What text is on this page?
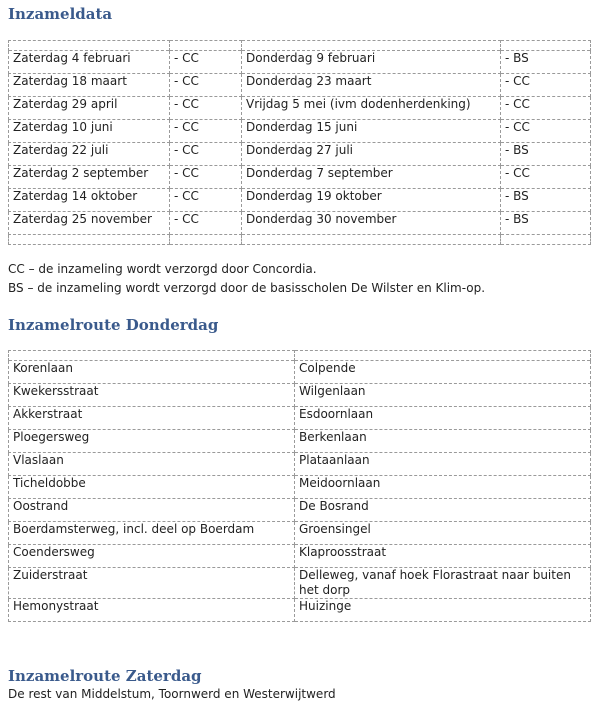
Inzameldata

Zaterdag 4 februari	- CC	Donderdag 9 februari	- BS
Zaterdag 18 maart	- CC	Donderdag 23 maart	- CC
Zaterdag 29 april	- CC	Vrijdag 5 mei (ivm dodenherdenking)	- CC
Zaterdag 10 juni	- CC	Donderdag 15 juni	- CC
Zaterdag 22 juli	- CC	Donderdag 27 juli	- BS
Zaterdag 2 september	- CC	Donderdag 7 september	- CC
Zaterdag 14 oktober	- CC	Donderdag 19 oktober	- BS
Zaterdag 25 november	- CC	Donderdag 30 november	- BS

CC – de inzameling wordt verzorgd door Concordia.

BS – de inzameling wordt verzorgd door de basisscholen De Wilster en Klim-op.

Inzamelroute Donderdag

Korenlaan	Colpende
Kwekersstraat	Wilgenlaan
Akkerstraat	Esdoornlaan
Ploegersweg	Berkenlaan
Vlaslaan	Plataanlaan
Ticheldobbe	Meidoornlaan
Oostrand	De Bosrand
Boerdamsterweg, incl. deel op Boerdam	Groensingel
Coendersweg	Klaproosstraat
Zuiderstraat	Delleweg, vanaf hoek Florastraat naar buiten het dorp
Hemonystraat	Huizinge
Inzamelroute Zaterdag

De rest van Middelstum, Toornwerd en Westerwijtwerd
